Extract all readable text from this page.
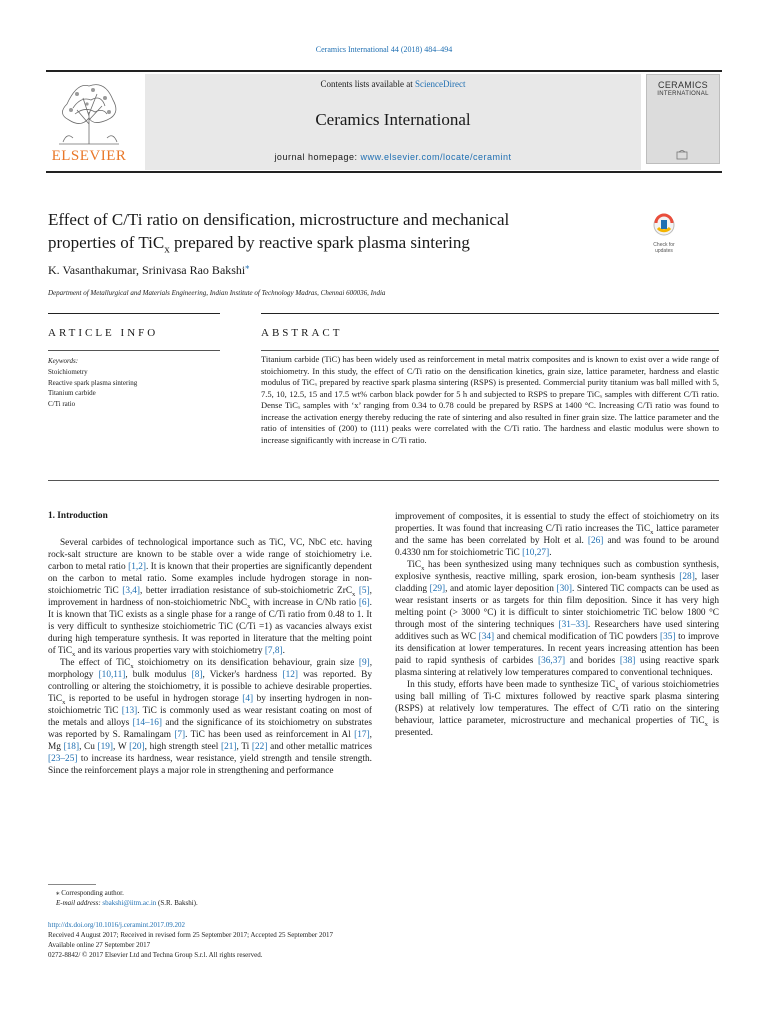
Ceramics International 44 (2018) 484–494
ELSEVIER
Contents lists available at ScienceDirect
Ceramics International
journal homepage: www.elsevier.com/locate/ceramint
CERAMICS
INTERNATIONAL
Effect of C/Ti ratio on densification, microstructure and mechanical
properties of TiC$_x$ prepared by reactive spark plasma sintering	Check for
updates
K. Vasanthakumar, Srinivasa Rao Bakshi⁎
Department of Metallurgical and Materials Engineering, Indian Institute of Technology Madras, Chennai 600036, India
ARTICLE INFO	ABSTRACT
Keywords:
Stoichiometry
Reactive spark plasma sintering
Titanium carbide
C/Ti ratio
Titanium carbide (TiC) has been widely used as reinforcement in metal matrix composites and is known to exist over a wide range of stoichiometry. In this study, the effect of C/Ti ratio on the densification kinetics, grain size, lattice parameter, hardness and elastic modulus of TiCₓ prepared by reactive spark plasma sintering (RSPS) is presented. Commercial purity titanium was ball milled with 5, 7.5, 10, 12.5, 15 and 17.5 wt% carbon black powder for 5 h and subjected to RSPS to prepare TiCₓ samples with different C/Ti ratio. Dense TiCₓ samples with ‘x’ ranging from 0.34 to 0.78 could be prepared by RSPS at 1400 °C. Increasing C/Ti ratio was found to increase the activation energy thereby reducing the rate of sintering and also resulted in finer grain size. The lattice parameter and the ratio of intensities of (200) to (111) peaks were correlated with the C/Ti ratio. The hardness and elastic modulus were shown to increase significantly with increase in C/Ti ratio.
1. Introduction

Several carbides of technological importance such as TiC, VC, NbC etc. having rock-salt structure are known to be stable over a wide range of stoichiometry i.e. carbon to metal ratio [1,2]. It is known that their properties are significantly dependent on the carbon to metal ratio. Some examples include hydrogen storage in non-stoichiometric TiC [3,4], better irradiation resistance of sub-stoichiometric ZrC$_x$ [5], improvement in hardness of non-stoichiometric NbC$_x$ with increase in C/Nb ratio [6]. It is known that TiC exists as a single phase for a range of C/Ti ratio from 0.48 to 1. It is very difficult to synthesize stoichiometric TiC (C/Ti =1) as vacancies always exist during high temperature synthesis. It was reported in literature that the melting point of TiC$_x$ and its various properties vary with stoichiometry [7,8].

The effect of TiC$_x$ stoichiometry on its densification behaviour, grain size [9], morphology [10,11], bulk modulus [8], Vicker's hardness [12] was reported. By controlling or altering the stoichiometry, it is possible to achieve desirable properties. TiC$_x$ is reported to be useful in hydrogen storage [4] by inserting hydrogen in non-stoichiometric TiC [13]. TiC is commonly used as wear resistant coating on most of the metals and alloys [14–16] and the significance of its stoichiometry on substrates was reported by S. Ramalingam [7]. TiC has been used as reinforcement in Al [17], Mg [18], Cu [19], W [20], high strength steel [21], Ti [22] and other metallic matrices [23–25] to increase its hardness, wear resistance, yield strength and tensile strength. Since the reinforcement plays a major role in strengthening and performance

improvement of composites, it is essential to study the effect of stoichiometry on its properties. It was found that increasing C/Ti ratio increases the TiC$_x$ lattice parameter and the same has been correlated by Holt et al. [26] and was found to be around 0.4330 nm for stoichiometric TiC [10,27].

TiC$_x$ has been synthesized using many techniques such as combustion synthesis, explosive synthesis, reactive milling, spark erosion, ion-beam synthesis [28], laser cladding [29], and atomic layer deposition [30]. Sintered TiC compacts can be used as wear resistant inserts or as targets for thin film deposition. Since it has very high melting point (> 3000 °C) it is difficult to sinter stoichiometric TiC below 1800 °C through most of the sintering techniques [31–33]. Researchers have used sintering additives such as WC [34] and chemical modification of TiC powders [35] to improve its densification at lower temperatures. In recent years increasing attention has been paid to rapid synthesis of carbides [36,37] and borides [38] using reactive spark plasma sintering at relatively low temperatures compared to conventional techniques.

In this study, efforts have been made to synthesize TiC$_x$ of various stoichiometries using ball milling of Ti-C mixtures followed by reactive spark plasma sintering (RSPS) at relatively low temperatures. The effect of C/Ti ratio on the sintering behaviour, lattice parameter, microstructure and mechanical properties of TiC$_x$ is presented.

⁎ Corresponding author.
E-mail address: sbakshi@iitm.ac.in (S.R. Bakshi).
http://dx.doi.org/10.1016/j.ceramint.2017.09.202
Received 4 August 2017; Received in revised form 25 September 2017; Accepted 25 September 2017
Available online 27 September 2017
0272-8842/ © 2017 Elsevier Ltd and Techna Group S.r.l. All rights reserved.
